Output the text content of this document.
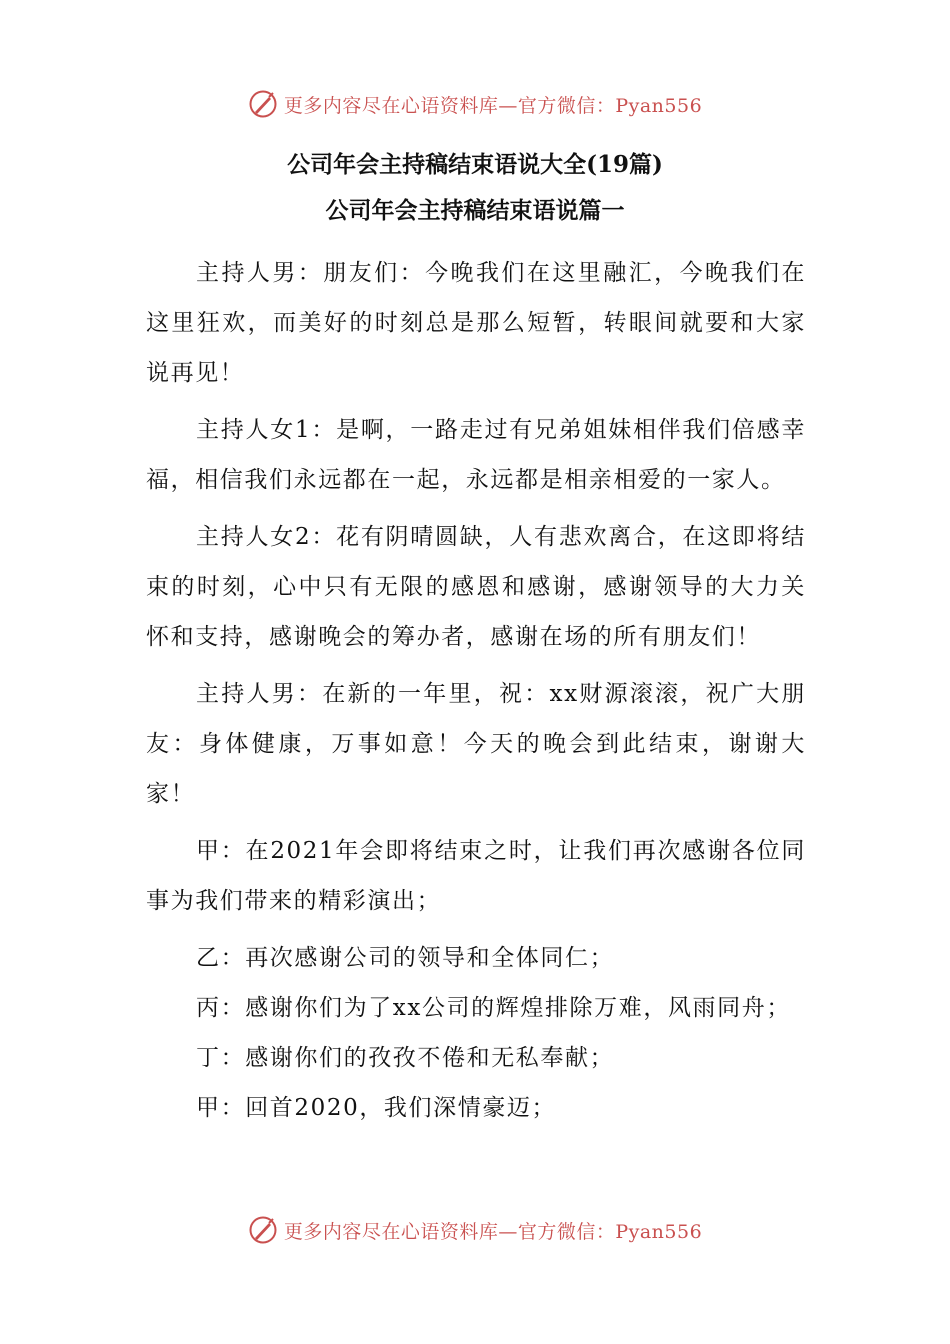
更多内容尽在心语资料库—官方微信：Pyan556
公司年会主持稿结束语说大全(19篇)
公司年会主持稿结束语说篇一

主持人男：朋友们：今晚我们在这里融汇，今晚我们在这里狂欢，而美好的时刻总是那么短暂，转眼间就要和大家说再见！

主持人女1：是啊，一路走过有兄弟姐妹相伴我们倍感幸福，相信我们永远都在一起，永远都是相亲相爱的一家人。

主持人女2：花有阴晴圆缺，人有悲欢离合，在这即将结束的时刻，心中只有无限的感恩和感谢，感谢领导的大力关怀和支持，感谢晚会的筹办者，感谢在场的所有朋友们！

主持人男：在新的一年里，祝：xx财源滚滚，祝广大朋友：身体健康，万事如意！今天的晚会到此结束，谢谢大家！

甲：在2021年会即将结束之时，让我们再次感谢各位同事为我们带来的精彩演出；

乙：再次感谢公司的领导和全体同仁；

丙：感谢你们为了xx公司的辉煌排除万难，风雨同舟；

丁：感谢你们的孜孜不倦和无私奉献；

甲：回首2020，我们深情豪迈；

更多内容尽在心语资料库—官方微信：Pyan556
